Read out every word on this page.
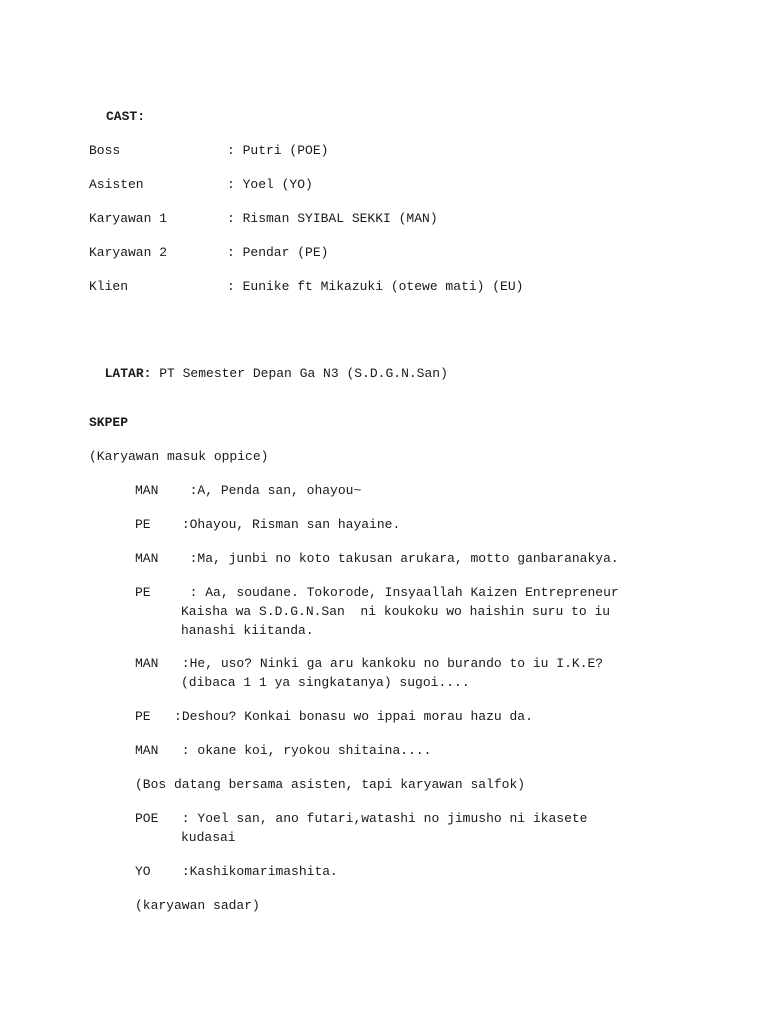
CAST:
Boss	: Putri (POE)
Asisten	: Yoel (YO)
Karyawan 1	: Risman SYIBAL SEKKI (MAN)
Karyawan 2	: Pendar (PE)
Klien	: Eunike ft Mikazuki (otewe mati) (EU)

LATAR: PT Semester Depan Ga N3 (S.D.G.N.San)

SKPEP
(Karyawan masuk oppice)
MAN    :A, Penda san, ohayou~
PE    :Ohayou, Risman san hayaine.
MAN    :Ma, junbi no koto takusan arukara, motto ganbaranakya.
PE     : Aa, soudane. Tokorode, Insyaallah Kaizen Entrepreneur
Kaisha wa S.D.G.N.San  ni koukoku wo haishin suru to iu
hanashi kiitanda.
MAN   :He, uso? Ninki ga aru kankoku no burando to iu I.K.E?
(dibaca 1 1 ya singkatanya) sugoi....
PE   :Deshou? Konkai bonasu wo ippai morau hazu da.
MAN   : okane koi, ryokou shitaina....
(Bos datang bersama asisten, tapi karyawan salfok)
POE   : Yoel san, ano futari,watashi no jimusho ni ikasete
kudasai
YO    :Kashikomarimashita.
(karyawan sadar)
